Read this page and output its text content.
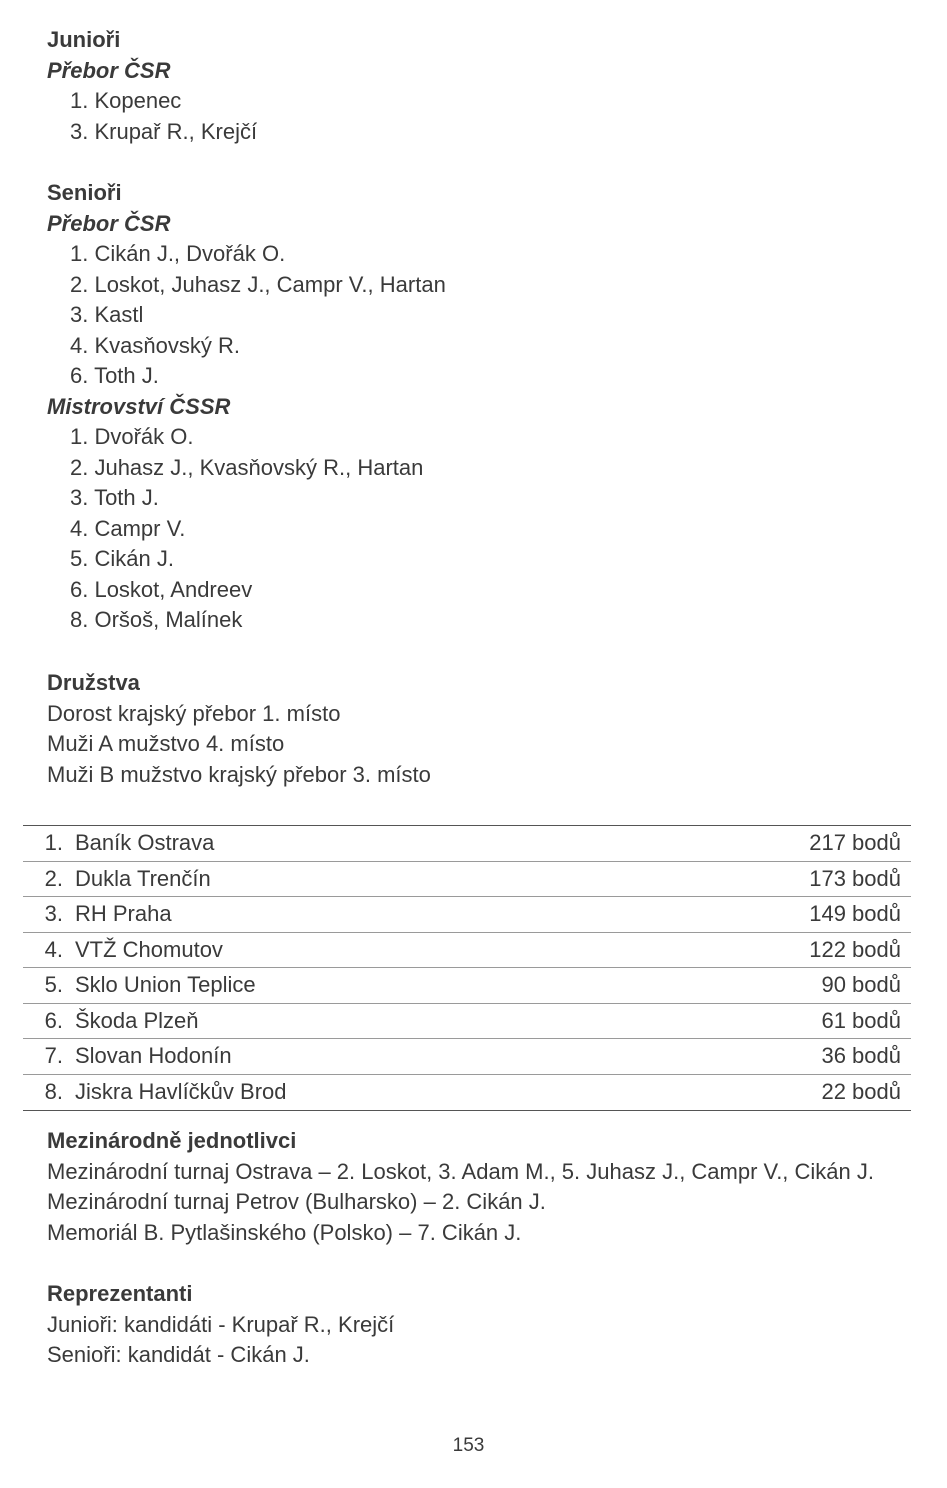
Junioři
Přebor ČSR
1. Kopenec
3. Krupař R., Krejčí
Senioři
Přebor ČSR
1. Cikán J., Dvořák O.
2. Loskot, Juhasz J., Campr V., Hartan
3. Kastl
4. Kvasňovský R.
6. Toth J.
Mistrovství ČSSR
1. Dvořák O.
2. Juhasz J., Kvasňovský R., Hartan
3. Toth J.
4. Campr V.
5. Cikán J.
6. Loskot, Andreev
8. Oršoš, Malínek
Družstva
Dorost krajský přebor 1. místo
Muži A mužstvo 4. místo
Muži B mužstvo krajský přebor 3. místo
1. Baník Ostrava	217 bodů
2. Dukla Trenčín	173 bodů
3. RH Praha	149 bodů
4. VTŽ Chomutov	122 bodů
5. Sklo Union Teplice	90 bodů
6. Škoda Plzeň	61 bodů
7. Slovan Hodonín	36 bodů
8. Jiskra Havlíčkův Brod	22 bodů
Mezinárodně jednotlivci
Mezinárodní turnaj Ostrava – 2. Loskot, 3. Adam M., 5. Juhasz J., Campr V., Cikán J.
Mezinárodní turnaj Petrov (Bulharsko) – 2. Cikán J.
Memoriál B. Pytlašinského (Polsko) – 7. Cikán J.
Reprezentanti
Junioři: kandidáti - Krupař R., Krejčí
Senioři: kandidát - Cikán J.
153
